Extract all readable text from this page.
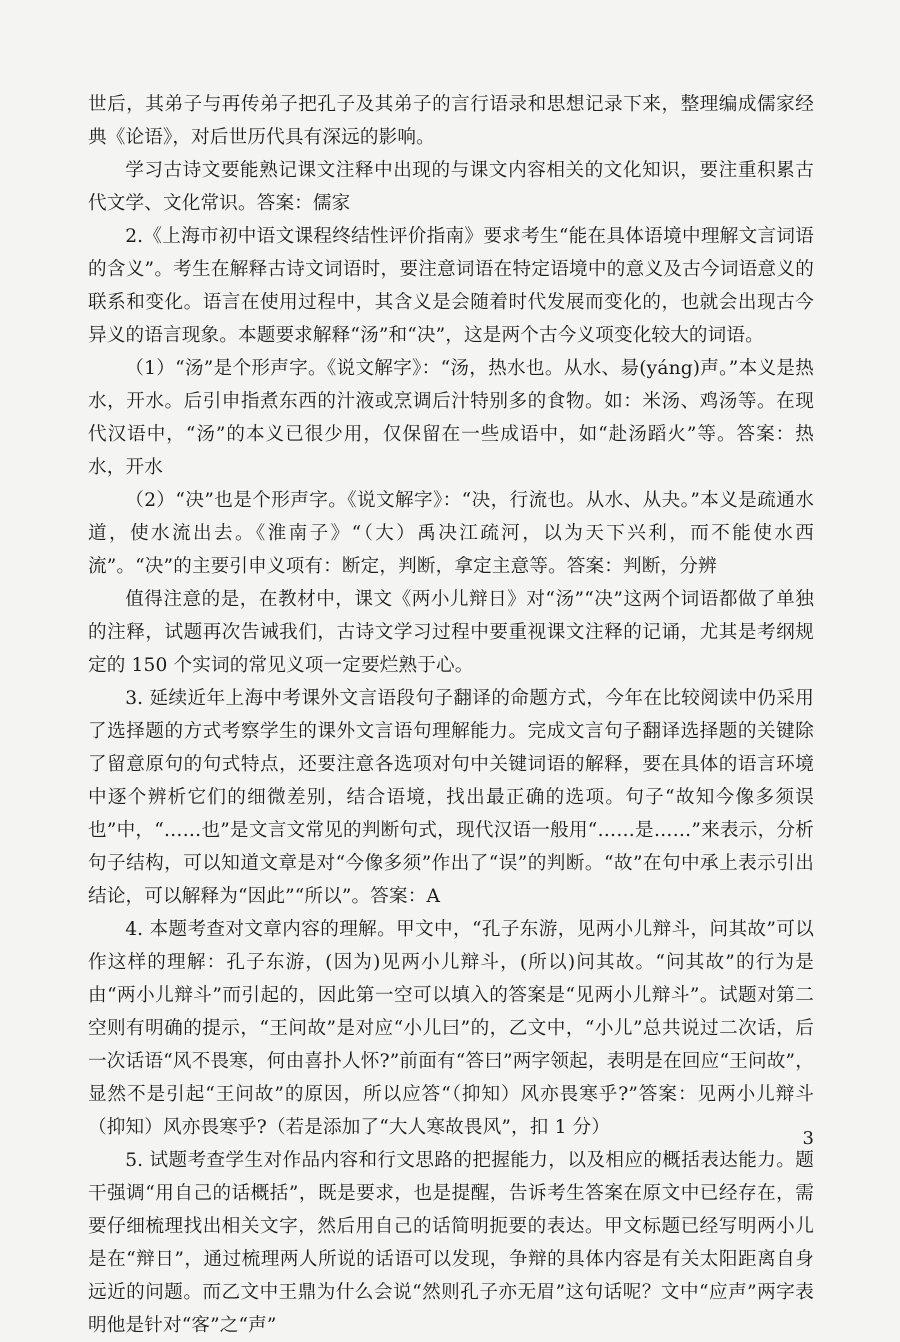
世后，其弟子与再传弟子把孔子及其弟子的言行语录和思想记录下来，整理编成儒家经典《论语》，对后世历代具有深远的影响。

学习古诗文要能熟记课文注释中出现的与课文内容相关的文化知识，要注重积累古代文学、文化常识。答案：儒家

2.《上海市初中语文课程终结性评价指南》要求考生“能在具体语境中理解文言词语的含义”。考生在解释古诗文词语时，要注意词语在特定语境中的意义及古今词语意义的联系和变化。语言在使用过程中，其含义是会随着时代发展而变化的，也就会出现古今异义的语言现象。本题要求解释“汤”和“决”，这是两个古今义项变化较大的词语。

（1）“汤”是个形声字。《说文解字》：“汤，热水也。从水、昜(yáng)声。”本义是热水，开水。后引申指煮东西的汁液或烹调后汁特别多的食物。如：米汤、鸡汤等。在现代汉语中，“汤”的本义已很少用，仅保留在一些成语中，如“赴汤蹈火”等。答案：热水，开水

（2）“决”也是个形声字。《说文解字》：“决，行流也。从水、从夬。”本义是疏通水道，使水流出去。《淮南子》“（大）禹决江疏河，以为天下兴利，而不能使水西流”。“决”的主要引申义项有：断定，判断，拿定主意等。答案：判断，分辨

值得注意的是，在教材中，课文《两小儿辩日》对“汤”“决”这两个词语都做了单独的注释，试题再次告诫我们，古诗文学习过程中要重视课文注释的记诵，尤其是考纲规定的 150 个实词的常见义项一定要烂熟于心。

3. 延续近年上海中考课外文言语段句子翻译的命题方式，今年在比较阅读中仍采用了选择题的方式考察学生的课外文言语句理解能力。完成文言句子翻译选择题的关键除了留意原句的句式特点，还要注意各选项对句中关键词语的解释，要在具体的语言环境中逐个辨析它们的细微差别，结合语境，找出最正确的选项。句子“故知今像多须误也”中，“……也”是文言文常见的判断句式，现代汉语一般用“……是……”来表示，分析句子结构，可以知道文章是对“今像多须”作出了“误”的判断。“故”在句中承上表示引出结论，可以解释为“因此”“所以”。答案：A

4. 本题考查对文章内容的理解。甲文中，“孔子东游，见两小儿辩斗，问其故”可以作这样的理解：孔子东游，(因为)见两小儿辩斗，(所以)问其故。“问其故”的行为是由“两小儿辩斗”而引起的，因此第一空可以填入的答案是“见两小儿辩斗”。试题对第二空则有明确的提示，“王问故”是对应“小儿曰”的，乙文中，“小儿”总共说过二次话，后一次话语“风不畏寒，何由喜扑人怀?”前面有“答曰”两字领起，表明是在回应“王问故”，显然不是引起“王问故”的原因，所以应答“（抑知）风亦畏寒乎?”答案：见两小儿辩斗　（抑知）风亦畏寒乎?（若是添加了“大人寒故畏风”，扣 1 分）

5. 试题考查学生对作品内容和行文思路的把握能力，以及相应的概括表达能力。题干强调“用自己的话概括”，既是要求，也是提醒，告诉考生答案在原文中已经存在，需要仔细梳理找出相关文字，然后用自己的话简明扼要的表达。甲文标题已经写明两小儿是在“辩日”，通过梳理两人所说的话语可以发现，争辩的具体内容是有关太阳距离自身远近的问题。而乙文中王鼎为什么会说“然则孔子亦无眉”这句话呢？文中“应声”两字表明他是针对“客”之“声”

3
